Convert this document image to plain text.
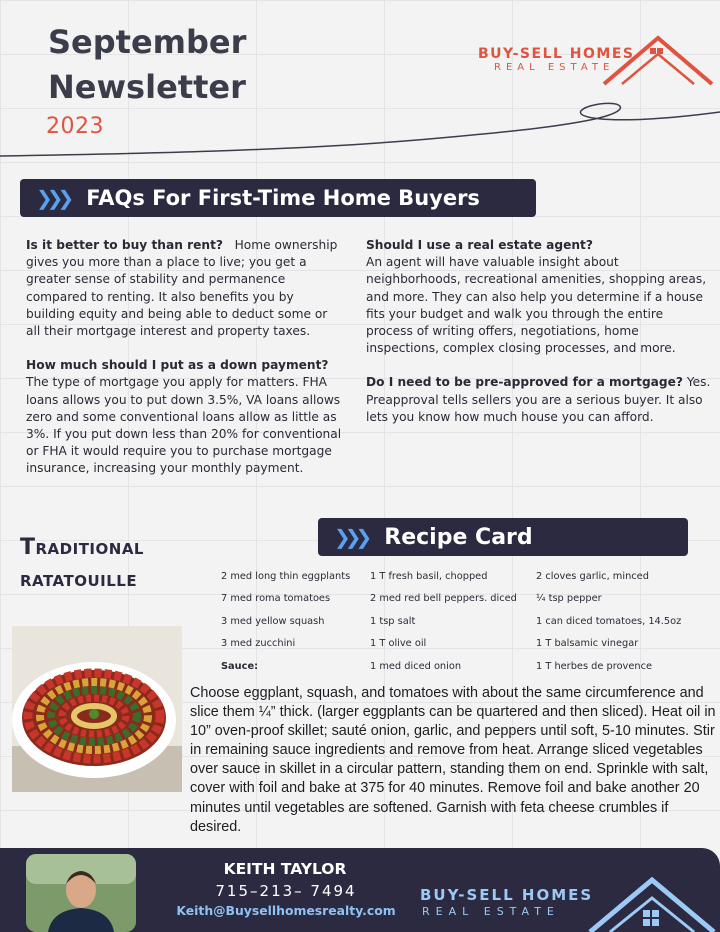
September
Newsletter
2023
BUY-SELL HOMES
REAL ESTATE
❯❯❯ FAQs For First-Time Home Buyers

Is it better to buy than rent? Home ownership gives you more than a place to live; you get a greater sense of stability and permanence compared to renting. It also benefits you by building equity and being able to deduct some or all their mortgage interest and property taxes.

How much should I put as a down payment?
The type of mortgage you apply for matters. FHA loans allows you to put down 3.5%, VA loans allows zero and some conventional loans allow as little as 3%. If you put down less than 20% for conventional or FHA it would require you to purchase mortgage insurance, increasing your monthly payment.

Should I use a real estate agent?
An agent will have valuable insight about neighborhoods, recreational amenities, shopping areas, and more. They can also help you determine if a house fits your budget and walk you through the entire process of writing offers, negotiations, home inspections, complex closing processes, and more.

Do I need to be pre-approved for a mortgage? Yes. Preapproval tells sellers you are a serious buyer. It also lets you know how much house you can afford.

❯❯❯ Recipe Card
Traditional
ratatouille	2 med long thin eggplants
7 med roma tomatoes
3 med yellow squash
3 med zucchini
Sauce:
1 T fresh basil, chopped
2 med red bell peppers. diced
1 tsp salt
1 T olive oil
1 med diced onion
2 cloves garlic, minced
¼ tsp pepper
1 can diced tomatoes, 14.5oz
1 T balsamic vinegar
1 T herbes de provence
Choose eggplant, squash, and tomatoes with about the same circumference and slice them ¼” thick. (larger eggplants can be quartered and then sliced). Heat oil in 10” oven-proof skillet; sauté onion, garlic, and peppers until soft, 5-10 minutes. Stir in remaining sauce ingredients and remove from heat. Arrange sliced vegetables over sauce in skillet in a circular pattern, standing them on end. Sprinkle with salt, cover with foil and bake at 375 for 40 minutes. Remove foil and bake another 20 minutes until vegetables are softened. Garnish with feta cheese crumbles if desired.
KEITH TAYLOR
715–213– 7494
Keith@Buysellhomesrealty.com
BUY-SELL HOMES
REAL ESTATE
